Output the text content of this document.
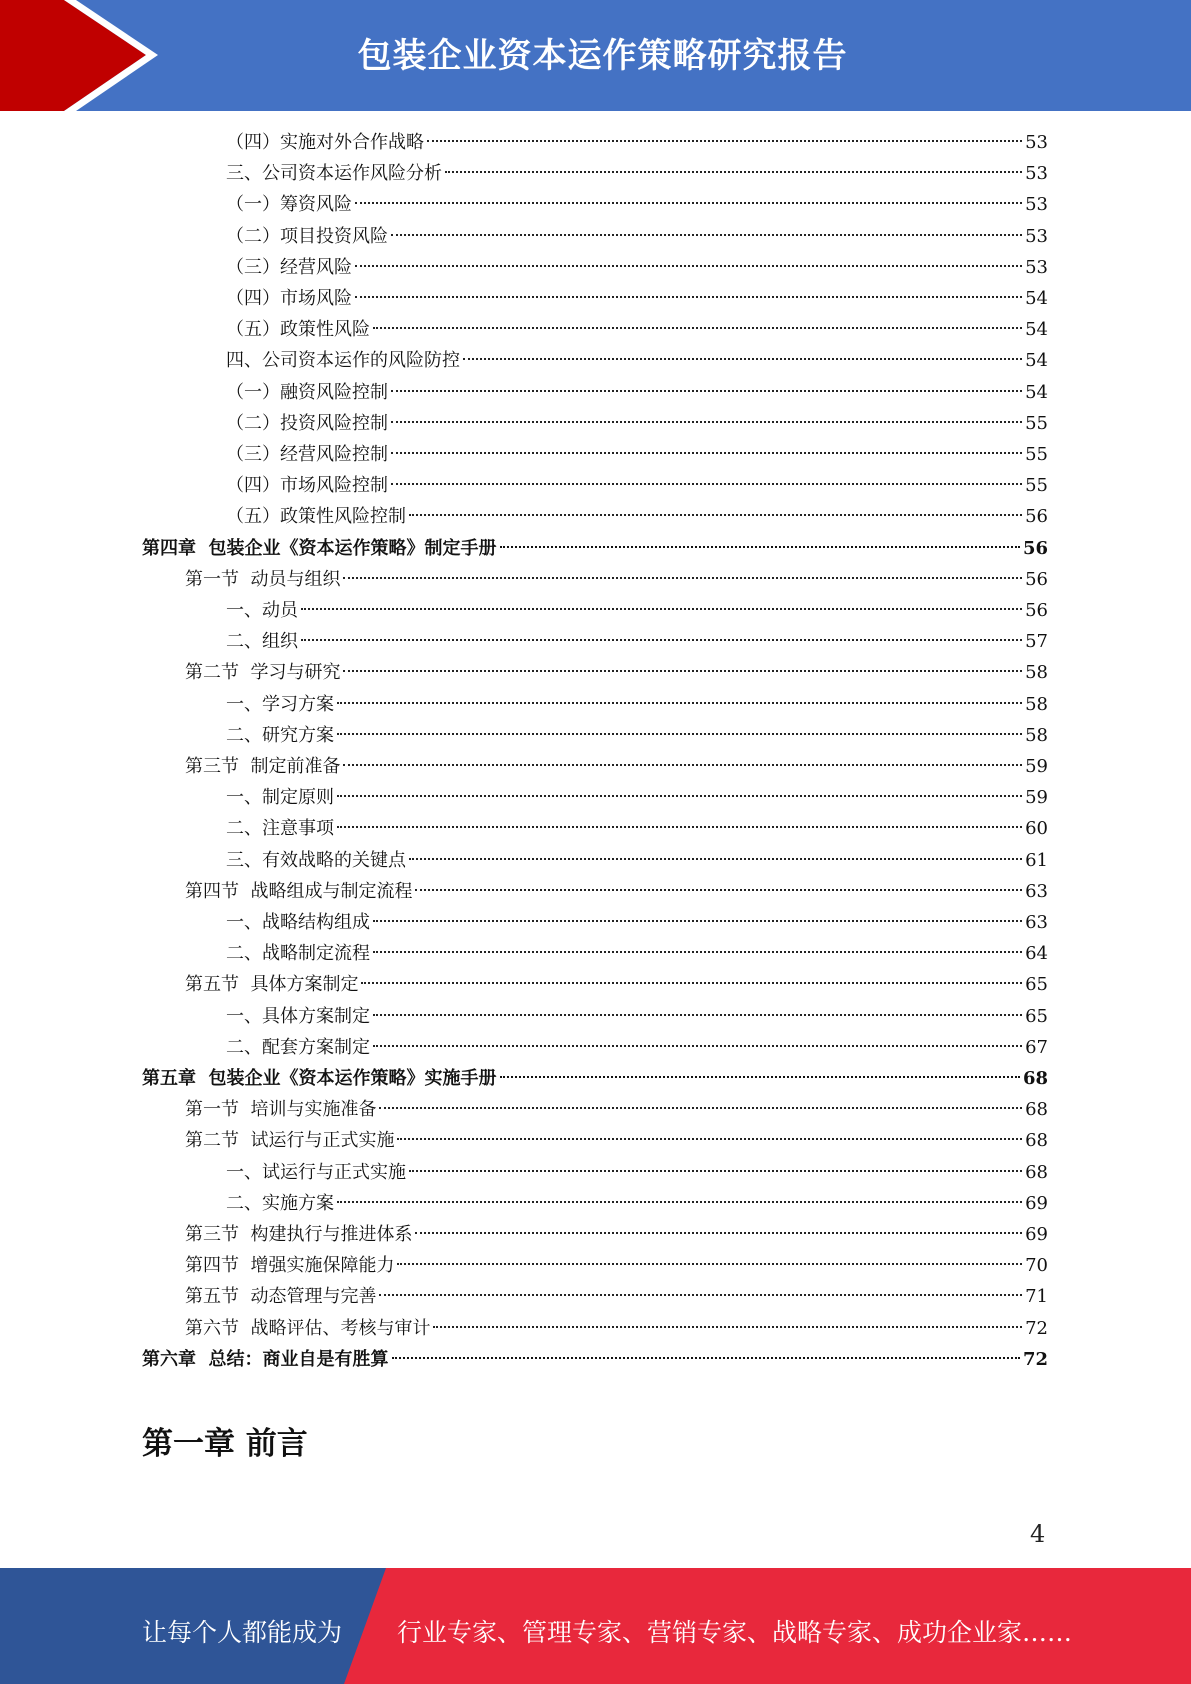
包装企业资本运作策略研究报告
（四）实施对外合作战略	53
三、公司资本运作风险分析	53
（一）筹资风险	53
（二）项目投资风险	53
（三）经营风险	53
（四）市场风险	54
（五）政策性风险	54
四、公司资本运作的风险防控	54
（一）融资风险控制	54
（二）投资风险控制	55
（三）经营风险控制	55
（四）市场风险控制	55
（五）政策性风险控制	56
第四章  包装企业《资本运作策略》制定手册	56
第一节  动员与组织	56
一、动员	56
二、组织	57
第二节  学习与研究	58
一、学习方案	58
二、研究方案	58
第三节  制定前准备	59
一、制定原则	59
二、注意事项	60
三、有效战略的关键点	61
第四节  战略组成与制定流程	63
一、战略结构组成	63
二、战略制定流程	64
第五节  具体方案制定	65
一、具体方案制定	65
二、配套方案制定	67
第五章  包装企业《资本运作策略》实施手册	68
第一节  培训与实施准备	68
第二节  试运行与正式实施	68
一、试运行与正式实施	68
二、实施方案	69
第三节  构建执行与推进体系	69
第四节  增强实施保障能力	70
第五节  动态管理与完善	71
第六节  战略评估、考核与审计	72
第六章  总结：商业自是有胜算	72
第一章 前言
4
让每个人都能成为 行业专家、管理专家、营销专家、战略专家、成功企业家……
